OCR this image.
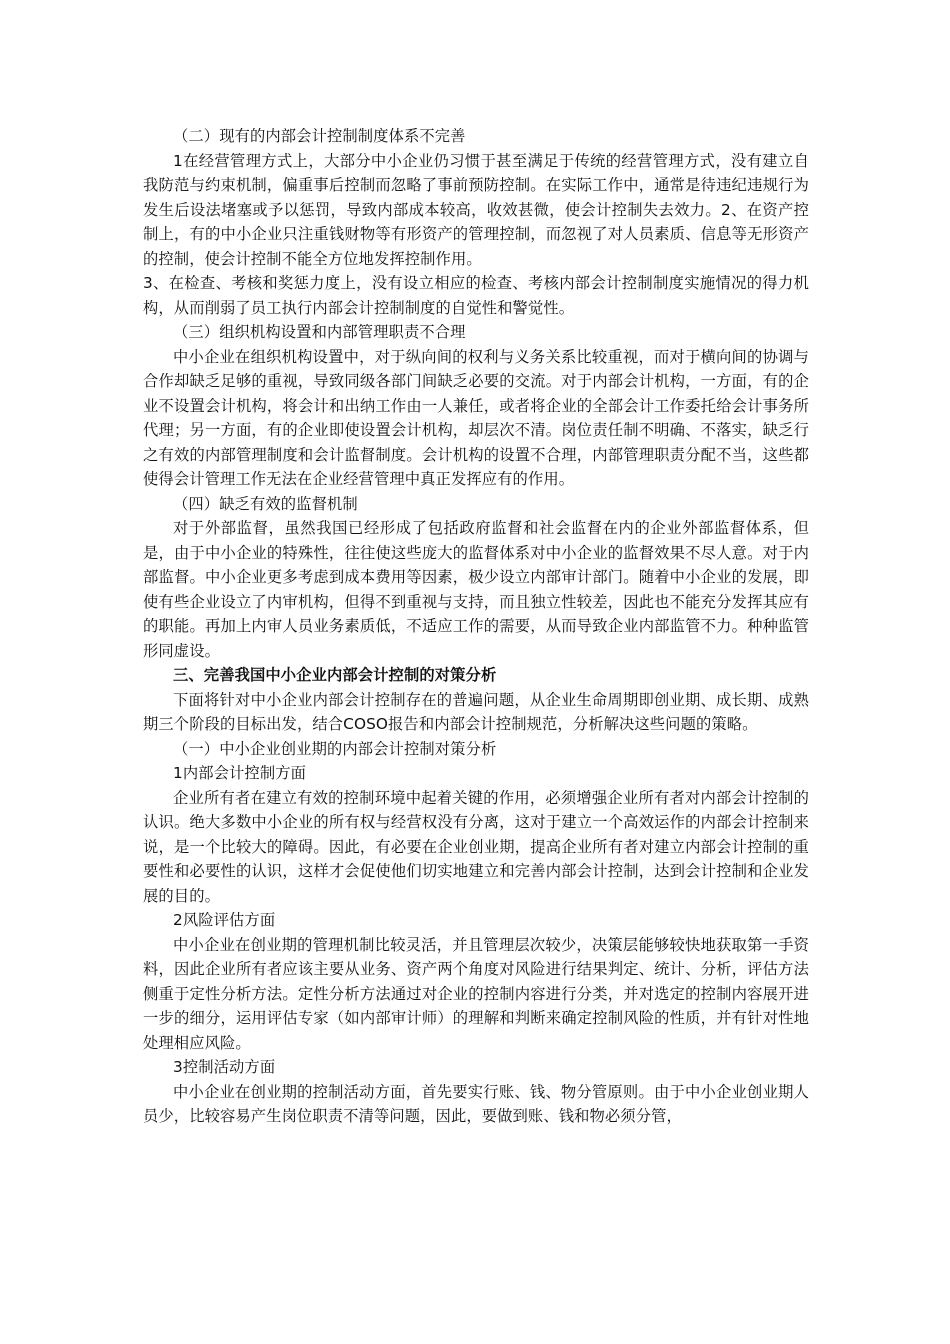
（二）现有的内部会计控制制度体系不完善

1在经营管理方式上，大部分中小企业仍习惯于甚至满足于传统的经营管理方式，没有建立自我防范与约束机制，偏重事后控制而忽略了事前预防控制。在实际工作中，通常是待违纪违规行为发生后设法堵塞或予以惩罚，导致内部成本较高，收效甚微，使会计控制失去效力。2、在资产控制上，有的中小企业只注重钱财物等有形资产的管理控制，而忽视了对人员素质、信息等无形资产的控制，使会计控制不能全方位地发挥控制作用。

3、在检查、考核和奖惩力度上，没有设立相应的检查、考核内部会计控制制度实施情况的得力机构，从而削弱了员工执行内部会计控制制度的自觉性和警觉性。

（三）组织机构设置和内部管理职责不合理

中小企业在组织机构设置中，对于纵向间的权利与义务关系比较重视，而对于横向间的协调与合作却缺乏足够的重视，导致同级各部门间缺乏必要的交流。对于内部会计机构，一方面，有的企业不设置会计机构，将会计和出纳工作由一人兼任，或者将企业的全部会计工作委托给会计事务所代理；另一方面，有的企业即使设置会计机构，却层次不清。岗位责任制不明确、不落实，缺乏行之有效的内部管理制度和会计监督制度。会计机构的设置不合理，内部管理职责分配不当，这些都使得会计管理工作无法在企业经营管理中真正发挥应有的作用。

（四）缺乏有效的监督机制

对于外部监督，虽然我国已经形成了包括政府监督和社会监督在内的企业外部监督体系，但是，由于中小企业的特殊性，往往使这些庞大的监督体系对中小企业的监督效果不尽人意。对于内部监督。中小企业更多考虑到成本费用等因素，极少设立内部审计部门。随着中小企业的发展，即使有些企业设立了内审机构，但得不到重视与支持，而且独立性较差，因此也不能充分发挥其应有的职能。再加上内审人员业务素质低，不适应工作的需要，从而导致企业内部监管不力。种种监管形同虚设。

三、完善我国中小企业内部会计控制的对策分析

下面将针对中小企业内部会计控制存在的普遍问题，从企业生命周期即创业期、成长期、成熟期三个阶段的目标出发，结合COSO报告和内部会计控制规范，分析解决这些问题的策略。

（一）中小企业创业期的内部会计控制对策分析

1内部会计控制方面

企业所有者在建立有效的控制环境中起着关键的作用，必须增强企业所有者对内部会计控制的认识。绝大多数中小企业的所有权与经营权没有分离，这对于建立一个高效运作的内部会计控制来说，是一个比较大的障碍。因此，有必要在企业创业期，提高企业所有者对建立内部会计控制的重要性和必要性的认识，这样才会促使他们切实地建立和完善内部会计控制，达到会计控制和企业发展的目的。

2风险评估方面

中小企业在创业期的管理机制比较灵活，并且管理层次较少，决策层能够较快地获取第一手资料，因此企业所有者应该主要从业务、资产两个角度对风险进行结果判定、统计、分析，评估方法侧重于定性分析方法。定性分析方法通过对企业的控制内容进行分类，并对选定的控制内容展开进一步的细分，运用评估专家（如内部审计师）的理解和判断来确定控制风险的性质，并有针对性地处理相应风险。

3控制活动方面

中小企业在创业期的控制活动方面，首先要实行账、钱、物分管原则。由于中小企业创业期人员少，比较容易产生岗位职责不清等问题，因此，要做到账、钱和物必须分管，
